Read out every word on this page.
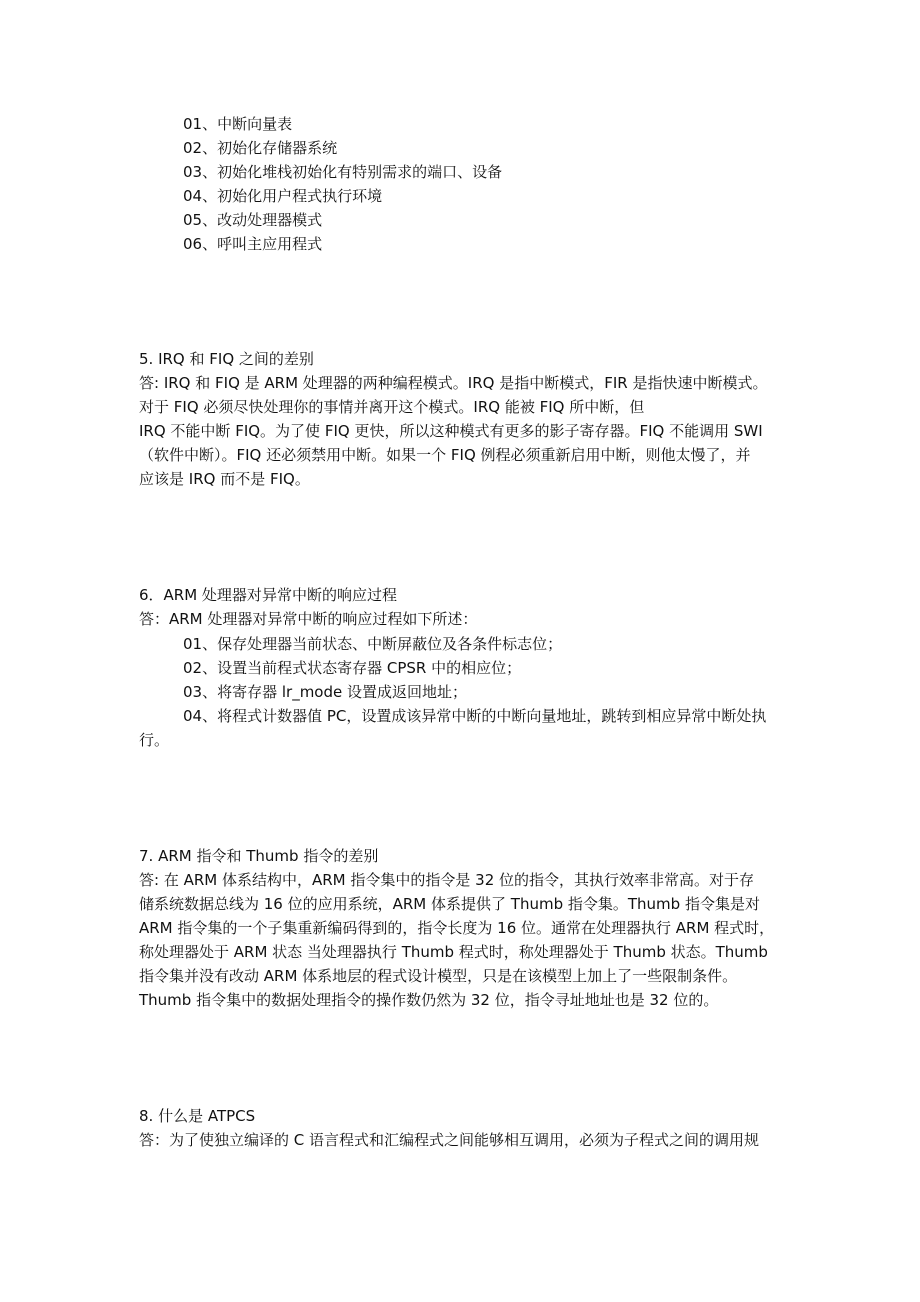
01、中断向量表

02、初始化存储器系统

03、初始化堆栈初始化有特别需求的端口、设备

04、初始化用户程式执行环境

05、改动处理器模式

06、呼叫主应用程式

5. IRQ 和 FIQ 之间的差别

答: IRQ 和 FIQ 是 ARM 处理器的两种编程模式。IRQ 是指中断模式，FIR 是指快速中断模式。

对于 FIQ 必须尽快处理你的事情并离开这个模式。IRQ 能被 FIQ 所中断，但

IRQ 不能中断 FIQ。为了使 FIQ 更快，所以这种模式有更多的影子寄存器。FIQ 不能调用 SWI

（软件中断）。FIQ 还必须禁用中断。如果一个 FIQ 例程必须重新启用中断，则他太慢了，并

应该是 IRQ 而不是 FIQ。

6．ARM 处理器对异常中断的响应过程

答：ARM 处理器对异常中断的响应过程如下所述：

01、保存处理器当前状态、中断屏蔽位及各条件标志位；

02、设置当前程式状态寄存器 CPSR 中的相应位；

03、将寄存器 lr_mode 设置成返回地址；

04、将程式计数器值 PC，设置成该异常中断的中断向量地址，跳转到相应异常中断处执

行。

7. ARM 指令和 Thumb 指令的差别

答: 在 ARM 体系结构中，ARM 指令集中的指令是 32 位的指令，其执行效率非常高。对于存

储系统数据总线为 16 位的应用系统，ARM 体系提供了 Thumb 指令集。Thumb 指令集是对

ARM 指令集的一个子集重新编码得到的，指令长度为 16 位。通常在处理器执行 ARM 程式时，

称处理器处于 ARM 状态 当处理器执行 Thumb 程式时，称处理器处于 Thumb 状态。Thumb

指令集并没有改动 ARM 体系地层的程式设计模型，只是在该模型上加上了一些限制条件。

Thumb 指令集中的数据处理指令的操作数仍然为 32 位，指令寻址地址也是 32 位的。

8. 什么是 ATPCS

答：为了使独立编译的 C 语言程式和汇编程式之间能够相互调用，必须为子程式之间的调用规
